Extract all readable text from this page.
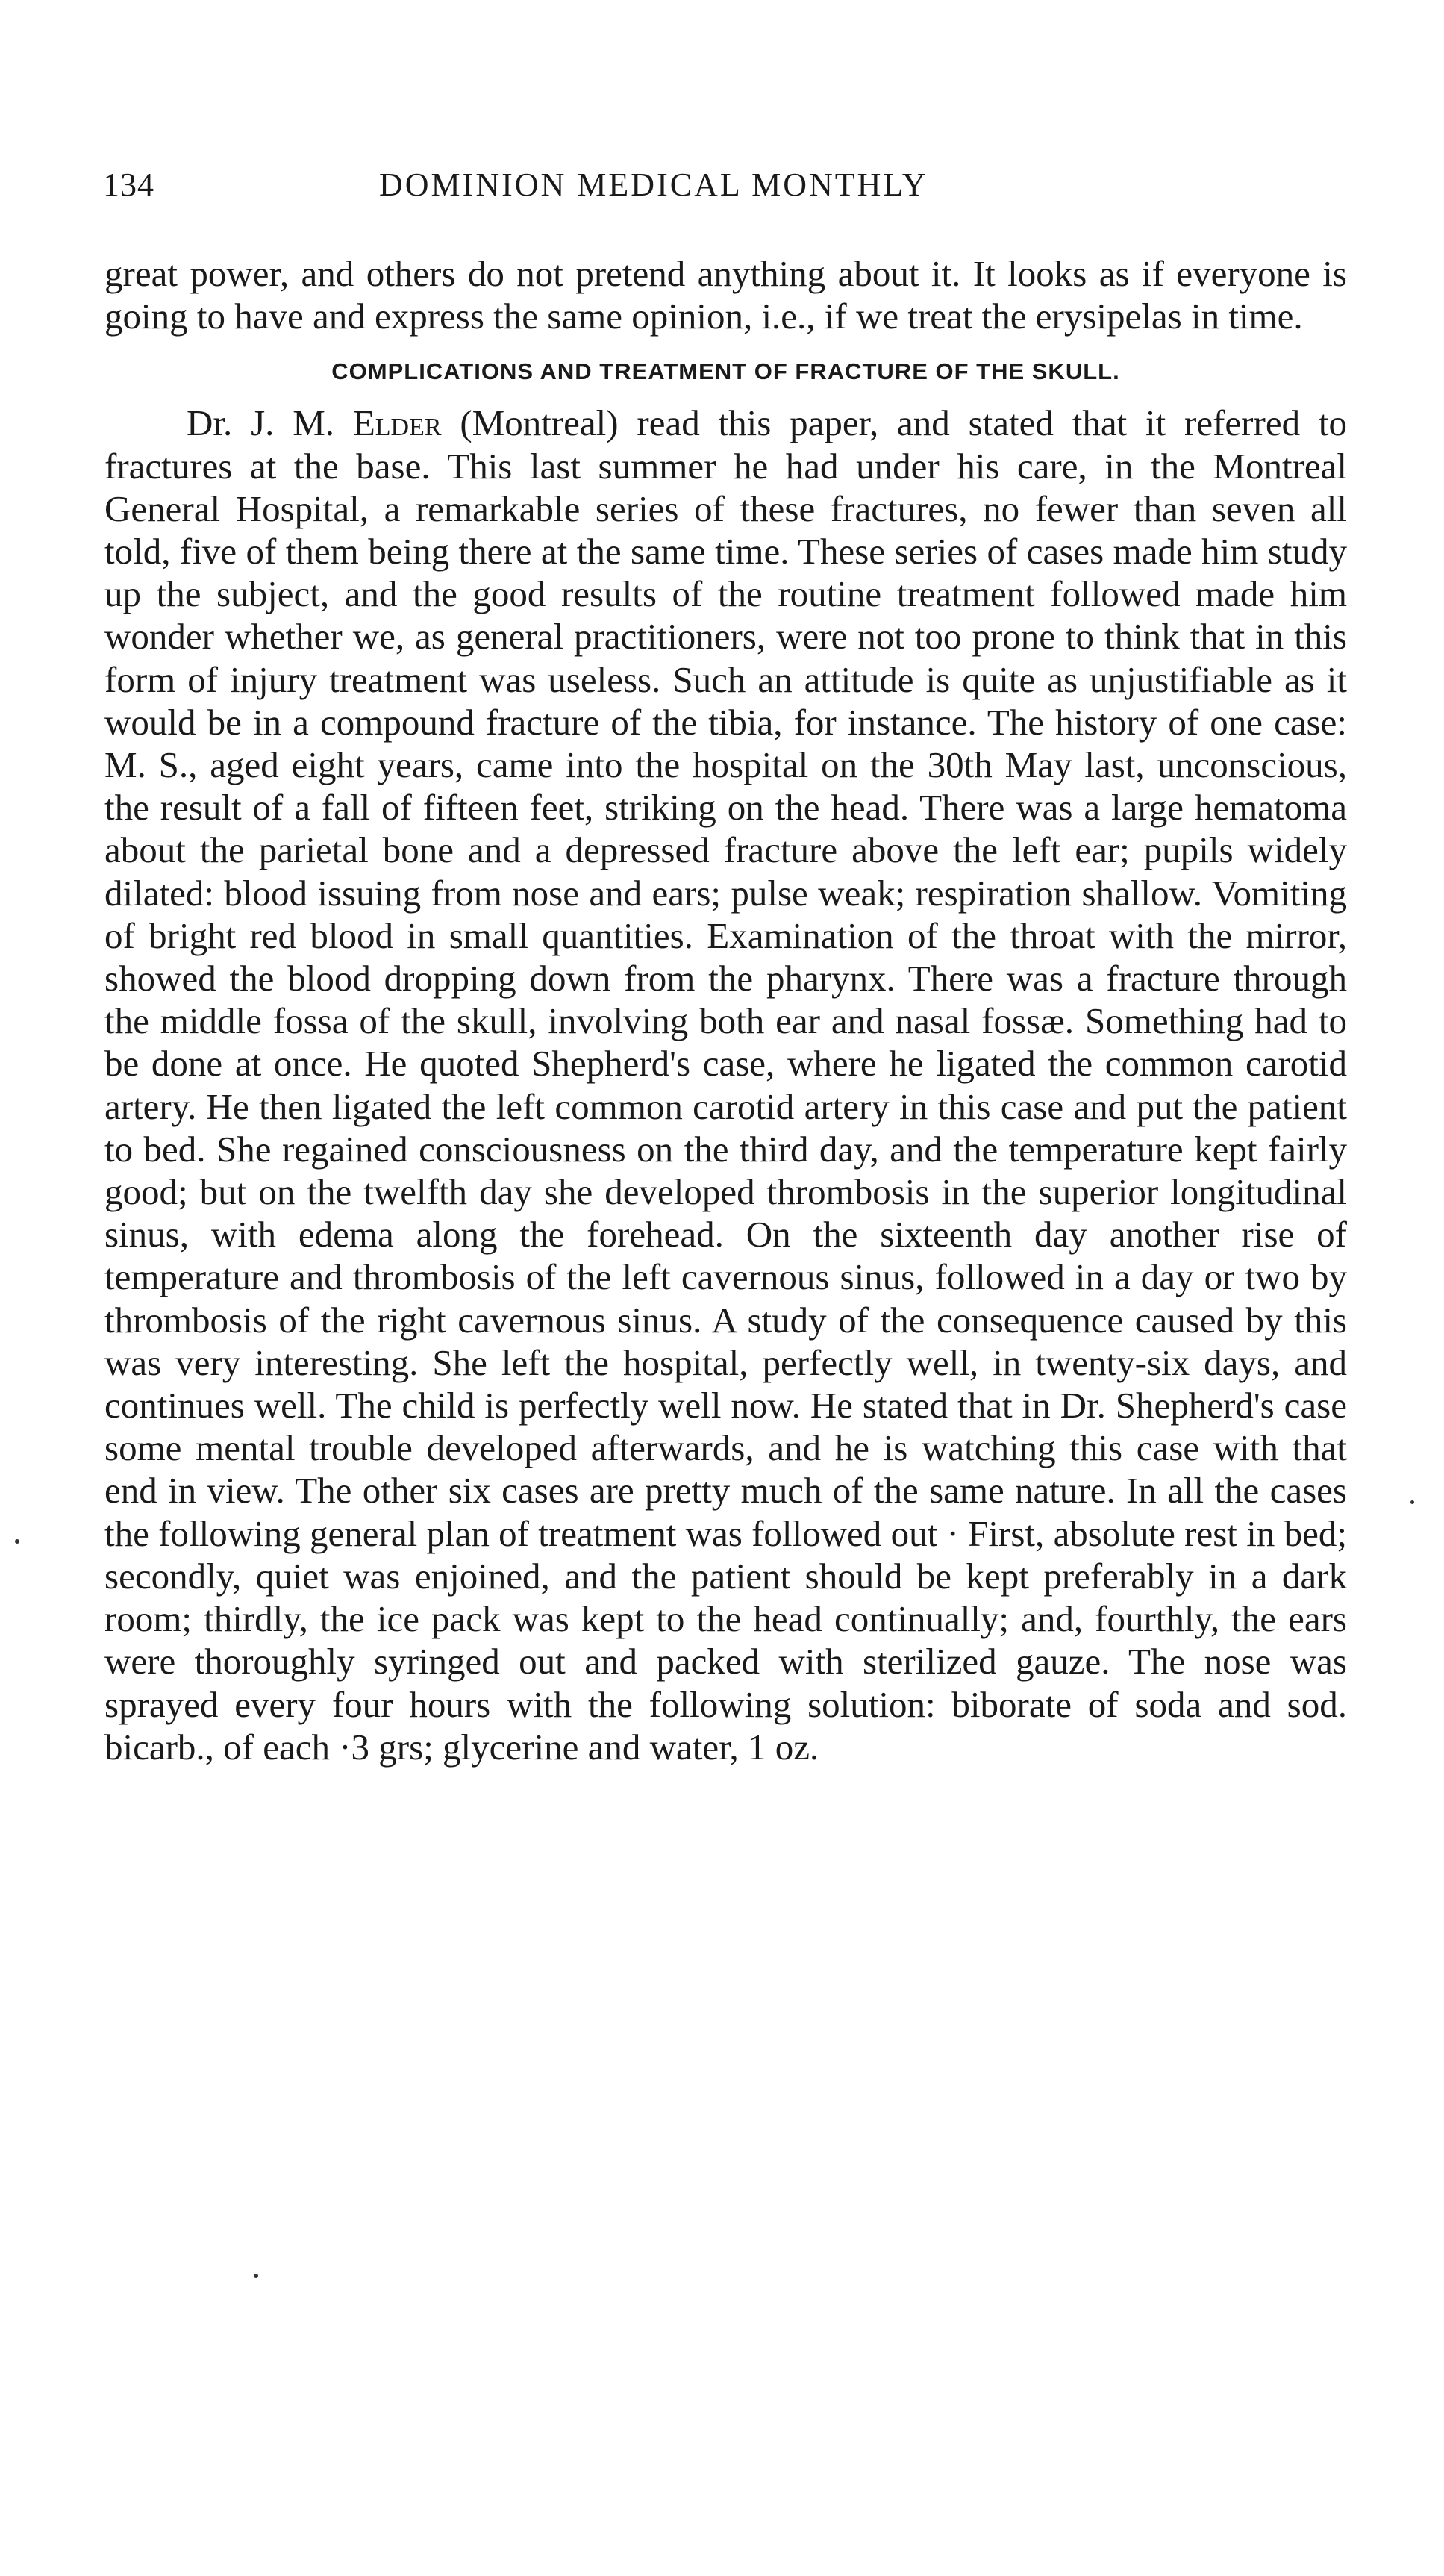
134	DOMINION MEDICAL MONTHLY

great power, and others do not pretend anything about it. It looks as if everyone is going to have and express the same opinion, i.e., if we treat the erysipelas in time.

COMPLICATIONS AND TREATMENT OF FRACTURE OF THE SKULL.

Dr. J. M. Elder (Montreal) read this paper, and stated that it referred to fractures at the base. This last summer he had under his care, in the Montreal General Hospital, a remarkable series of these fractures, no fewer than seven all told, five of them being there at the same time. These series of cases made him study up the subject, and the good results of the routine treatment followed made him wonder whether we, as general practitioners, were not too prone to think that in this form of injury treatment was useless. Such an attitude is quite as unjustifiable as it would be in a compound fracture of the tibia, for instance. The history of one case: M. S., aged eight years, came into the hospital on the 30th May last, unconscious, the result of a fall of fifteen feet, striking on the head. There was a large hematoma about the parietal bone and a depressed fracture above the left ear; pupils widely dilated: blood issuing from nose and ears; pulse weak; respiration shallow. Vomiting of bright red blood in small quantities. Examination of the throat with the mirror, showed the blood dropping down from the pharynx. There was a fracture through the middle fossa of the skull, involving both ear and nasal fossæ. Something had to be done at once. He quoted Shepherd's case, where he ligated the common carotid artery. He then ligated the left common carotid artery in this case and put the patient to bed. She regained consciousness on the third day, and the temperature kept fairly good; but on the twelfth day she developed thrombosis in the superior longitudinal sinus, with edema along the forehead. On the sixteenth day another rise of temperature and thrombosis of the left cavernous sinus, followed in a day or two by thrombosis of the right cavernous sinus. A study of the consequence caused by this was very interesting. She left the hospital, perfectly well, in twenty-six days, and continues well. The child is perfectly well now. He stated that in Dr. Shepherd's case some mental trouble developed afterwards, and he is watching this case with that end in view. The other six cases are pretty much of the same nature. In all the cases the following general plan of treatment was followed out · First, absolute rest in bed; secondly, quiet was enjoined, and the patient should be kept preferably in a dark room; thirdly, the ice pack was kept to the head continually; and, fourthly, the ears were thoroughly syringed out and packed with sterilized gauze. The nose was sprayed every four hours with the following solution: biborate of soda and sod. bicarb., of each ·3 grs; glycerine and water, 1 oz.
